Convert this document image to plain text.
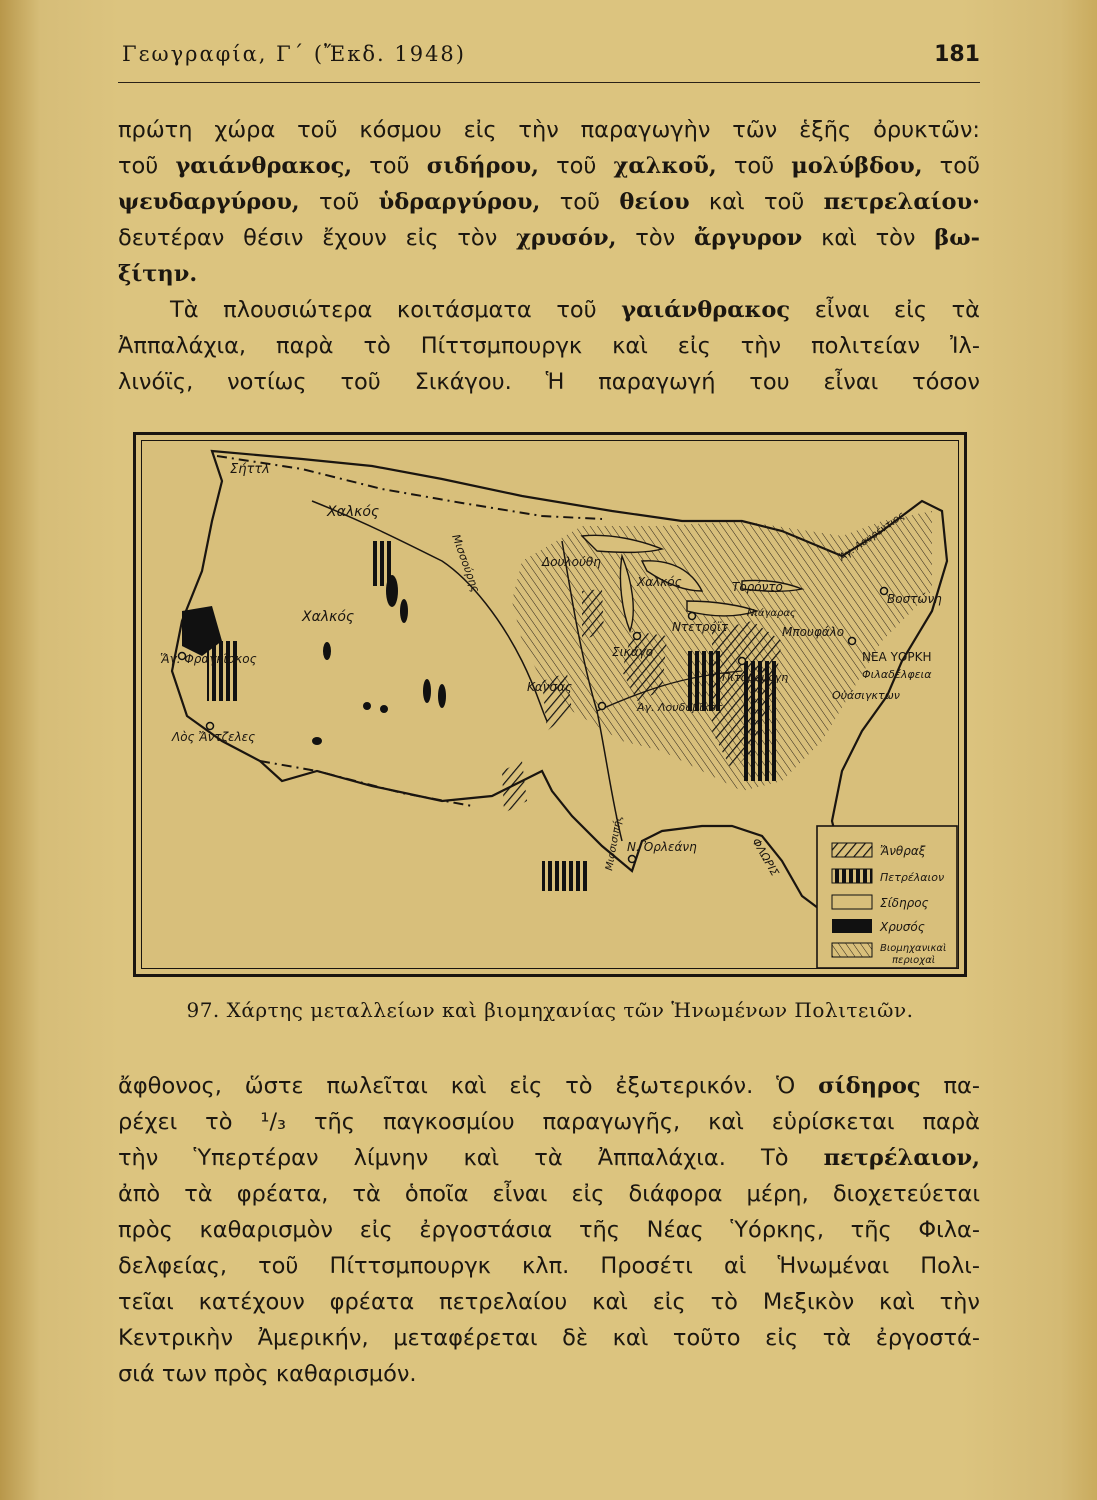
Γεωγραφία, Γ΄ (Ἔκδ. 1948)	181
πρώτη χώρα τοῦ κόσμου εἰς τὴν παραγωγὴν τῶν ἑξῆς ὀρυκτῶν:
τοῦ γαιάνθρακος, τοῦ σιδήρου, τοῦ χαλκοῦ, τοῦ μολύβδου, τοῦ
ψευδαργύρου, τοῦ ὑδραργύρου, τοῦ θείου καὶ τοῦ πετρελαίου·
δευτέραν θέσιν ἔχουν εἰς τὸν χρυσόν, τὸν ἄργυρον καὶ τὸν βω-
ξίτην.
Τὰ πλουσιώτερα κοιτάσματα τοῦ γαιάνθρακος εἶναι εἰς τὰ
Ἀππαλάχια, παρὰ τὸ Πίττσμπουργκ καὶ εἰς τὴν πολιτείαν Ἰλ-
λινόϊς, νοτίως τοῦ Σικάγου. Ἡ παραγωγή του εἶναι τόσον
Σήττλ
Χαλκός
Χαλκός
Χαλκός
Μισσούρης	Δουλούθη
Τορόντο
Ἁγ. Λαυρέντιος
Νιάγαρας
Βοστώνη
Ντετρόϊτ	Μπουφάλο
Σικάγο	ΝΕΑ ΥΟΡΚΗ
Φιλαδέλφεια
Πιτσβούργη
Οὐάσιγκτων
Κανσάς
Ἁγ. Λουδοβῖκος
Ἅγ. Φραγκῖσκος
Λὸς Ἄντζελες
Μισσισιπής Ν. Ὀρλεάνη	ΦΛΩΡΙΣ	Ἄνθραξ
Πετρέλαιον
Σίδηρος
Χρυσός
Βιομηχανικαὶ
περιοχαὶ
97. Χάρτης μεταλλείων καὶ βιομηχανίας τῶν Ἡνωμένων Πολιτειῶν.
ἄφθονος, ὥστε πωλεῖται καὶ εἰς τὸ ἐξωτερικόν. Ὁ σίδηρος πα-
ρέχει τὸ ¹/₃ τῆς παγκοσμίου παραγωγῆς, καὶ εὑρίσκεται παρὰ
τὴν Ὑπερτέραν λίμνην καὶ τὰ Ἀππαλάχια. Τὸ πετρέλαιον,
ἀπὸ τὰ φρέατα, τὰ ὁποῖα εἶναι εἰς διάφορα μέρη, διοχετεύεται
πρὸς καθαρισμὸν εἰς ἐργοστάσια τῆς Νέας Ὑόρκης, τῆς Φιλα-
δελφείας, τοῦ Πίττσμπουργκ κλπ. Προσέτι αἱ Ἡνωμέναι Πολι-
τεῖαι κατέχουν φρέατα πετρελαίου καὶ εἰς τὸ Μεξικὸν καὶ τὴν
Κεντρικὴν Ἀμερικήν, μεταφέρεται δὲ καὶ τοῦτο εἰς τὰ ἐργοστά-
σιά των πρὸς καθαρισμόν.
